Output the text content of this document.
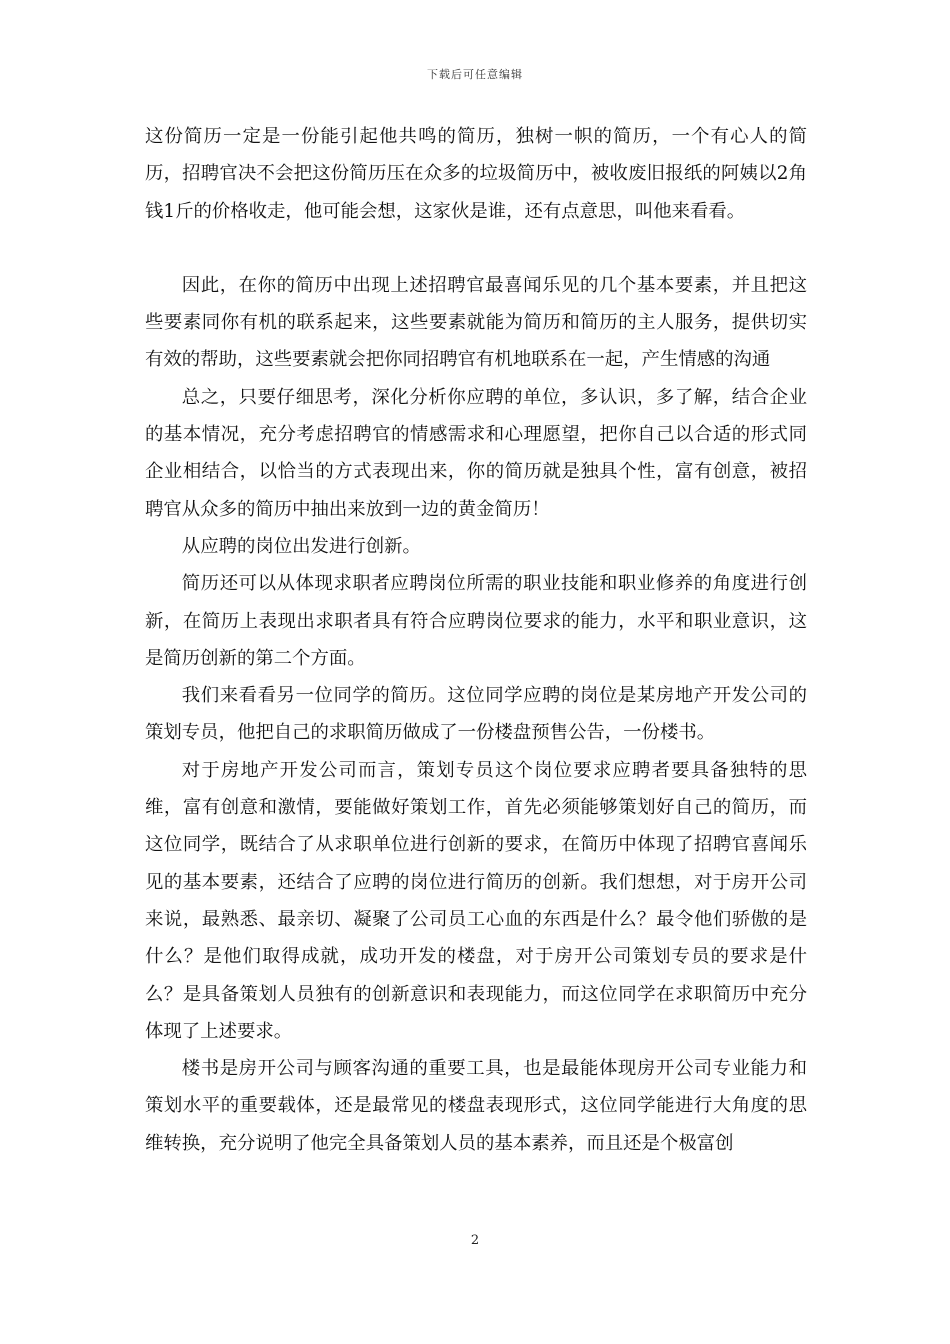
下载后可任意编辑

这份简历一定是一份能引起他共鸣的简历，独树一帜的简历，一个有心人的简历，招聘官决不会把这份简历压在众多的垃圾简历中，被收废旧报纸的阿姨以2角钱1斤的价格收走，他可能会想，这家伙是谁，还有点意思，叫他来看看。

因此，在你的简历中出现上述招聘官最喜闻乐见的几个基本要素，并且把这些要素同你有机的联系起来，这些要素就能为简历和简历的主人服务，提供切实有效的帮助，这些要素就会把你同招聘官有机地联系在一起，产生情感的沟通

总之，只要仔细思考，深化分析你应聘的单位，多认识，多了解，结合企业的基本情况，充分考虑招聘官的情感需求和心理愿望，把你自己以合适的形式同企业相结合，以恰当的方式表现出来，你的简历就是独具个性，富有创意，被招聘官从众多的简历中抽出来放到一边的黄金简历！

从应聘的岗位出发进行创新。

简历还可以从体现求职者应聘岗位所需的职业技能和职业修养的角度进行创新，在简历上表现出求职者具有符合应聘岗位要求的能力，水平和职业意识，这是简历创新的第二个方面。

我们来看看另一位同学的简历。这位同学应聘的岗位是某房地产开发公司的策划专员，他把自己的求职简历做成了一份楼盘预售公告，一份楼书。

对于房地产开发公司而言，策划专员这个岗位要求应聘者要具备独特的思维，富有创意和激情，要能做好策划工作，首先必须能够策划好自己的简历，而这位同学，既结合了从求职单位进行创新的要求，在简历中体现了招聘官喜闻乐见的基本要素，还结合了应聘的岗位进行简历的创新。我们想想，对于房开公司来说，最熟悉、最亲切、凝聚了公司员工心血的东西是什么？最令他们骄傲的是什么？是他们取得成就，成功开发的楼盘，对于房开公司策划专员的要求是什么？是具备策划人员独有的创新意识和表现能力，而这位同学在求职简历中充分体现了上述要求。

楼书是房开公司与顾客沟通的重要工具，也是最能体现房开公司专业能力和策划水平的重要载体，还是最常见的楼盘表现形式，这位同学能进行大角度的思维转换，充分说明了他完全具备策划人员的基本素养，而且还是个极富创

2
